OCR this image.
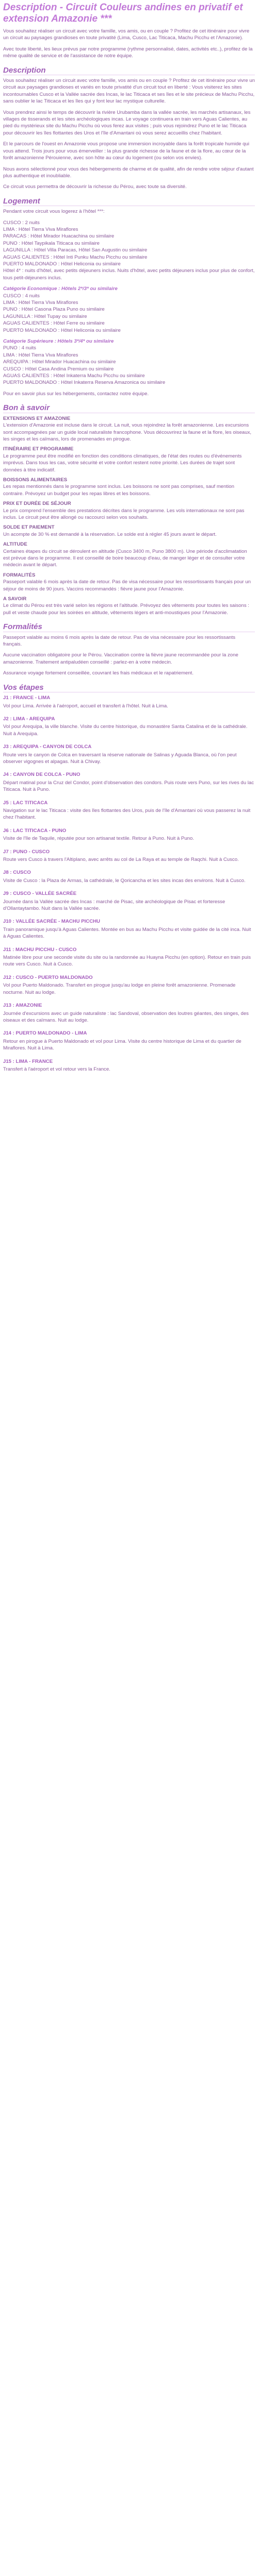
Description - Circuit Couleurs andines en privatif et extension Amazonie ***

Vous souhaitez réaliser un circuit avec votre famille, vos amis, ou en couple ? Profitez de cet itinéraire pour vivre un circuit au paysages grandioses en toute privatité (Lima, Cusco, Lac Titicaca, Machu Picchu et l'Amazonie).

Avec toute liberté, les lieux prévus par notre programme (rythme personnalisé, dates, activités etc..), profitez de la même qualité de service et de l'assistance de notre équipe.

Description

Vous souhaitez réaliser un circuit avec votre famille, vos amis ou en couple ? Profitez de cet itinéraire pour vivre un circuit aux paysages grandioses et variés en toute privatité d'un circuit tout en liberté : Vous visiterez les sites incontournables Cusco et la Vallée sacrée des Incas, le lac Titicaca et ses îles et le site précieux de Machu Picchu, sans oublier le lac Titicaca et les îles qui y font leur lac mystique culturelle.

Vous prendrez ainsi le temps de découvrir la rivière Urubamba dans la vallée sacrée, les marchés artisanaux, les villages de tisserands et les sites archéologiques incas. Le voyage continuera en train vers Aguas Calientes, au pied du mystérieux site du Machu Picchu où vous ferez aux visites ; puis vous rejoindrez Puno et le lac Titicaca pour découvrir les îles flottantes des Uros et l'île d'Amantani où vous serez accueillis chez l'habitant.

Et le parcours de l'ouest en Amazonie vous propose une immersion incroyable dans la forêt tropicale humide qui vous attend. Trois jours pour vous émerveiller : la plus grande richesse de la faune et de la flore, au cœur de la forêt amazonienne Pérouienne, avec son hôte au cœur du logement (ou selon vos envies).

Nous avons sélectionné pour vous des hébergements de charme et de qualité, afin de rendre votre séjour d'autant plus authentique et inoubliable.

Ce circuit vous permettra de découvrir la richesse du Pérou, avec toute sa diversité.

Logement

Pendant votre circuit vous logerez à l'hôtel ***:

CUSCO : 2 nuits
LIMA : Hôtel Tierra Viva Miraflores
PARACAS : Hôtel Mirador Huacachina ou similaire
PUNO : Hôtel Taypikala Titicaca ou similaire
LAGUNILLA : Hôtel Villa Paracas, Hôtel San Augustin ou similaire
AGUAS CALIENTES : Hôtel Inti Punku Machu Picchu ou similaire
PUERTO MALDONADO : Hôtel Heliconia ou similaire

Hôtel 4* : nuits d'hôtel, avec petits déjeuners inclus. Nuits d'hôtel, avec petits déjeuners inclus pour plus de confort, tous petit-déjeuners inclus.

Catégorie Economique : Hôtels 2*/3* ou similaire
CUSCO : 4 nuits
LIMA : Hôtel Tierra Viva Miraflores
PUNO : Hôtel Casona Plaza Puno ou similaire
LAGUNILLA : Hôtel Tupay ou similaire
AGUAS CALIENTES : Hôtel Ferre ou similaire
PUERTO MALDONADO : Hôtel Heliconia ou similaire
Catégorie Supérieure : Hôtels 3*/4* ou similaire
PUNO : 4 nuits
LIMA : Hôtel Tierra Viva Miraflores
AREQUIPA : Hôtel Mirador Huacachina ou similaire
CUSCO : Hôtel Casa Andina Premium ou similaire
AGUAS CALIENTES : Hôtel Inkaterra Machu Picchu ou similaire
PUERTO MALDONADO : Hôtel Inkaterra Reserva Amazonica ou similaire

Pour en savoir plus sur les hébergements, contactez notre équipe.

Bon à savoir
EXTENSIONS ET AMAZONIE
L'extension d'Amazonie est incluse dans le circuit. La nuit, vous rejoindrez la forêt amazonienne. Les excursions sont accompagnées par un guide local naturaliste francophone. Vous découvrirez la faune et la flore, les oiseaux, les singes et les caïmans, lors de promenades en pirogue.
ITINÉRAIRE ET PROGRAMME
Le programme peut être modifié en fonction des conditions climatiques, de l'état des routes ou d'événements imprévus. Dans tous les cas, votre sécurité et votre confort restent notre priorité. Les durées de trajet sont données à titre indicatif.
BOISSONS ALIMENTAIRES
Les repas mentionnés dans le programme sont inclus. Les boissons ne sont pas comprises, sauf mention contraire. Prévoyez un budget pour les repas libres et les boissons.
PRIX ET DURÉE DE SÉJOUR
Le prix comprend l'ensemble des prestations décrites dans le programme. Les vols internationaux ne sont pas inclus. Le circuit peut être allongé ou raccourci selon vos souhaits.
SOLDE ET PAIEMENT
Un acompte de 30 % est demandé à la réservation. Le solde est à régler 45 jours avant le départ.
ALTITUDE
Certaines étapes du circuit se déroulent en altitude (Cusco 3400 m, Puno 3800 m). Une période d'acclimatation est prévue dans le programme. Il est conseillé de boire beaucoup d'eau, de manger léger et de consulter votre médecin avant le départ.
FORMALITÉS
Passeport valable 6 mois après la date de retour. Pas de visa nécessaire pour les ressortissants français pour un séjour de moins de 90 jours. Vaccins recommandés : fièvre jaune pour l'Amazonie.
A SAVOIR
Le climat du Pérou est très varié selon les régions et l'altitude. Prévoyez des vêtements pour toutes les saisons : pull et veste chaude pour les soirées en altitude, vêtements légers et anti-moustiques pour l'Amazonie.
Formalités

Passeport valable au moins 6 mois après la date de retour. Pas de visa nécessaire pour les ressortissants français.

Aucune vaccination obligatoire pour le Pérou. Vaccination contre la fièvre jaune recommandée pour la zone amazonienne. Traitement antipaludéen conseillé : parlez-en à votre médecin.

Assurance voyage fortement conseillée, couvrant les frais médicaux et le rapatriement.

Vos étapes
J1 : FRANCE - LIMA
Vol pour Lima. Arrivée à l'aéroport, accueil et transfert à l'hôtel. Nuit à Lima.
J2 : LIMA - AREQUIPA
Vol pour Arequipa, la ville blanche. Visite du centre historique, du monastère Santa Catalina et de la cathédrale. Nuit à Arequipa.
J3 : AREQUIPA - CANYON DE COLCA
Route vers le canyon de Colca en traversant la réserve nationale de Salinas y Aguada Blanca, où l'on peut observer vigognes et alpagas. Nuit à Chivay.
J4 : CANYON DE COLCA - PUNO
Départ matinal pour la Cruz del Condor, point d'observation des condors. Puis route vers Puno, sur les rives du lac Titicaca. Nuit à Puno.
J5 : LAC TITICACA
Navigation sur le lac Titicaca : visite des îles flottantes des Uros, puis de l'île d'Amantani où vous passerez la nuit chez l'habitant.
J6 : LAC TITICACA - PUNO
Visite de l'île de Taquile, réputée pour son artisanat textile. Retour à Puno. Nuit à Puno.
J7 : PUNO - CUSCO
Route vers Cusco à travers l'Altiplano, avec arrêts au col de La Raya et au temple de Raqchi. Nuit à Cusco.
J8 : CUSCO
Visite de Cusco : la Plaza de Armas, la cathédrale, le Qoricancha et les sites incas des environs. Nuit à Cusco.
J9 : CUSCO - VALLÉE SACRÉE
Journée dans la Vallée sacrée des Incas : marché de Pisac, site archéologique de Pisac et forteresse d'Ollantaytambo. Nuit dans la Vallée sacrée.
J10 : VALLÉE SACRÉE - MACHU PICCHU
Train panoramique jusqu'à Aguas Calientes. Montée en bus au Machu Picchu et visite guidée de la cité inca. Nuit à Aguas Calientes.
J11 : MACHU PICCHU - CUSCO
Matinée libre pour une seconde visite du site ou la randonnée au Huayna Picchu (en option). Retour en train puis route vers Cusco. Nuit à Cusco.
J12 : CUSCO - PUERTO MALDONADO
Vol pour Puerto Maldonado. Transfert en pirogue jusqu'au lodge en pleine forêt amazonienne. Promenade nocturne. Nuit au lodge.
J13 : AMAZONIE
Journée d'excursions avec un guide naturaliste : lac Sandoval, observation des loutres géantes, des singes, des oiseaux et des caïmans. Nuit au lodge.
J14 : PUERTO MALDONADO - LIMA
Retour en pirogue à Puerto Maldonado et vol pour Lima. Visite du centre historique de Lima et du quartier de Miraflores. Nuit à Lima.
J15 : LIMA - FRANCE
Transfert à l'aéroport et vol retour vers la France.
